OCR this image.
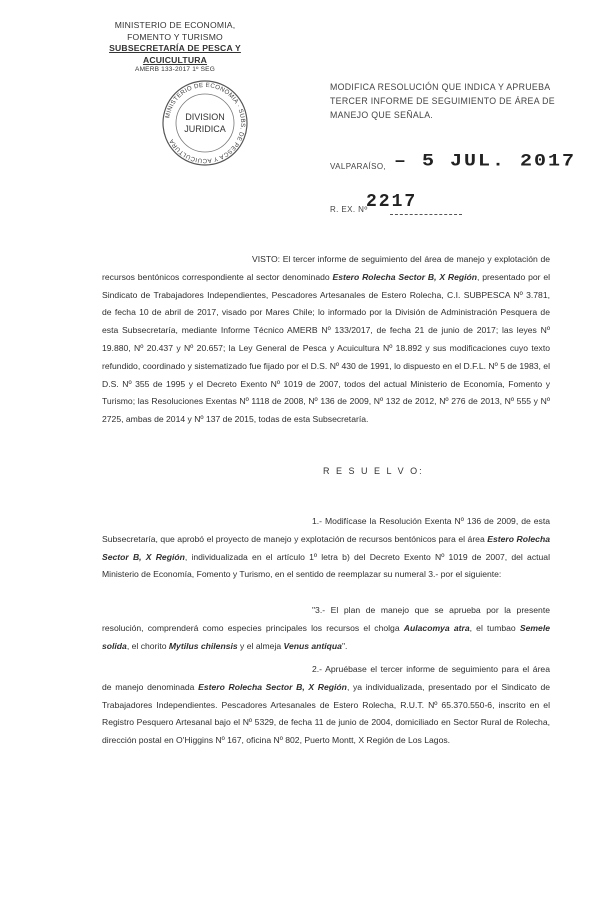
MINISTERIO DE ECONOMIA,
FOMENTO Y TURISMO
SUBSECRETARÍA DE PESCA Y ACUICULTURA
AMERB 133-2017 1º SEG
MINISTERIO DE ECONOMIA · SUBS. DE PESCA Y ACUICULTURA
DIVISION
JURIDICA
MODIFICA RESOLUCIÓN QUE INDICA Y APRUEBA TERCER INFORME DE SEGUIMIENTO DE ÁREA DE MANEJO QUE SEÑALA.
VALPARAÍSO, – 5 JUL. 2017
R. EX. Nº
2217
VISTO: El tercer informe de seguimiento del área de manejo y explotación de recursos bentónicos correspondiente al sector denominado Estero Rolecha Sector B, X Región, presentado por el Sindicato de Trabajadores Independientes, Pescadores Artesanales de Estero Rolecha, C.I. SUBPESCA Nº 3.781, de fecha 10 de abril de 2017, visado por Mares Chile; lo informado por la División de Administración Pesquera de esta Subsecretaría, mediante Informe Técnico AMERB Nº 133/2017, de fecha 21 de junio de 2017; las leyes Nº 19.880, Nº 20.437 y Nº 20.657; la Ley General de Pesca y Acuicultura Nº 18.892 y sus modificaciones cuyo texto refundido, coordinado y sistematizado fue fijado por el D.S. Nº 430 de 1991, lo dispuesto en el D.F.L. Nº 5 de 1983, el D.S. Nº 355 de 1995 y el Decreto Exento Nº 1019 de 2007, todos del actual Ministerio de Economía, Fomento y Turismo; las Resoluciones Exentas Nº 1118 de 2008, Nº 136 de 2009, Nº 132 de 2012, Nº 276 de 2013, Nº 555 y Nº 2725, ambas de 2014 y Nº 137 de 2015, todas de esta Subsecretaría.
R E S U E L V O:
1.- Modifícase la Resolución Exenta Nº 136 de 2009, de esta Subsecretaría, que aprobó el proyecto de manejo y explotación de recursos bentónicos para el área Estero Rolecha Sector B, X Región, individualizada en el artículo 1º letra b) del Decreto Exento Nº 1019 de 2007, del actual Ministerio de Economía, Fomento y Turismo, en el sentido de reemplazar su numeral 3.- por el siguiente:
"3.- El plan de manejo que se aprueba por la presente resolución, comprenderá como especies principales los recursos el cholga Aulacomya atra, el tumbao Semele solida, el chorito Mytilus chilensis y el almeja Venus antiqua".
2.- Apruébase el tercer informe de seguimiento para el área de manejo denominada Estero Rolecha Sector B, X Región, ya individualizada, presentado por el Sindicato de Trabajadores Independientes. Pescadores Artesanales de Estero Rolecha, R.U.T. Nº 65.370.550-6, inscrito en el Registro Pesquero Artesanal bajo el Nº 5329, de fecha 11 de junio de 2004, domiciliado en Sector Rural de Rolecha, dirección postal en O'Higgins Nº 167, oficina Nº 802, Puerto Montt, X Región de Los Lagos.
